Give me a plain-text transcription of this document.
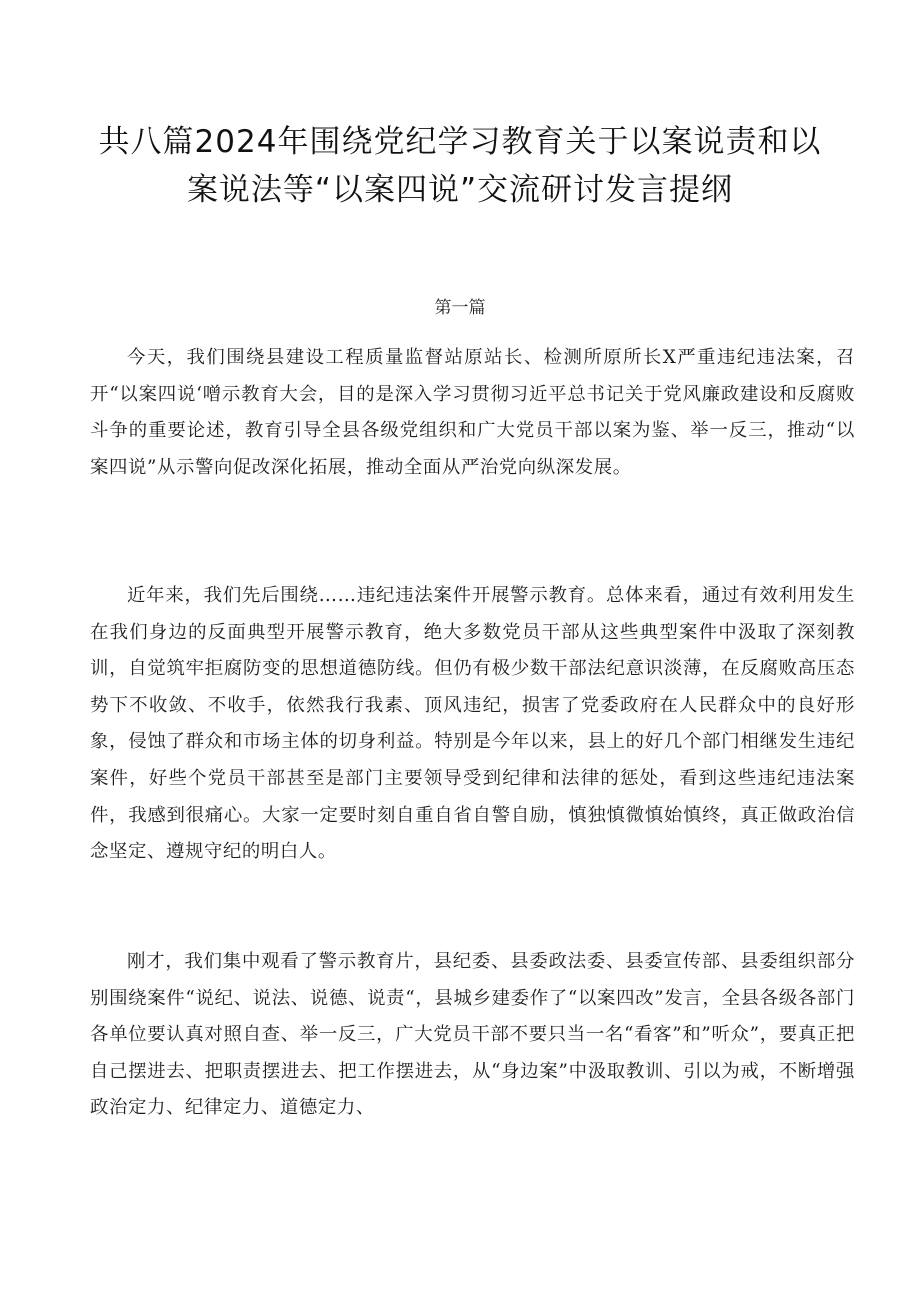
共八篇2024年围绕党纪学习教育关于以案说责和以
案说法等“以案四说”交流研讨发言提纲
第一篇

今天，我们围绕县建设工程质量监督站原站长、检测所原所长X严重违纪违法案，召开“以案四说‘噌示教育大会，目的是深入学习贯彻习近平总书记关于党风廉政建设和反腐败斗争的重要论述，教育引导全县各级党组织和广大党员干部以案为鉴、举一反三，推动“以案四说”从示警向促改深化拓展，推动全面从严治党向纵深发展。

近年来，我们先后围绕……违纪违法案件开展警示教育。总体来看，通过有效利用发生在我们身边的反面典型开展警示教育，绝大多数党员干部从这些典型案件中汲取了深刻教训，自觉筑牢拒腐防变的思想道德防线。但仍有极少数干部法纪意识淡薄，在反腐败高压态势下不收敛、不收手，依然我行我素、顶风违纪，损害了党委政府在人民群众中的良好形象，侵蚀了群众和市场主体的切身利益。特别是今年以来，县上的好几个部门相继发生违纪案件，好些个党员干部甚至是部门主要领导受到纪律和法律的惩处，看到这些违纪违法案件，我感到很痛心。大家一定要时刻自重自省自警自励，慎独慎微慎始慎终，真正做政治信念坚定、遵规守纪的明白人。

刚才，我们集中观看了警示教育片，县纪委、县委政法委、县委宣传部、县委组织部分别围绕案件“说纪、说法、说德、说责“，县城乡建委作了“以案四改”发言，全县各级各部门各单位要认真对照自查、举一反三，广大党员干部不要只当一名“看客”和”听众”，要真正把自己摆进去、把职责摆进去、把工作摆进去，从“身边案”中汲取教训、引以为戒，不断增强政治定力、纪律定力、道德定力、
